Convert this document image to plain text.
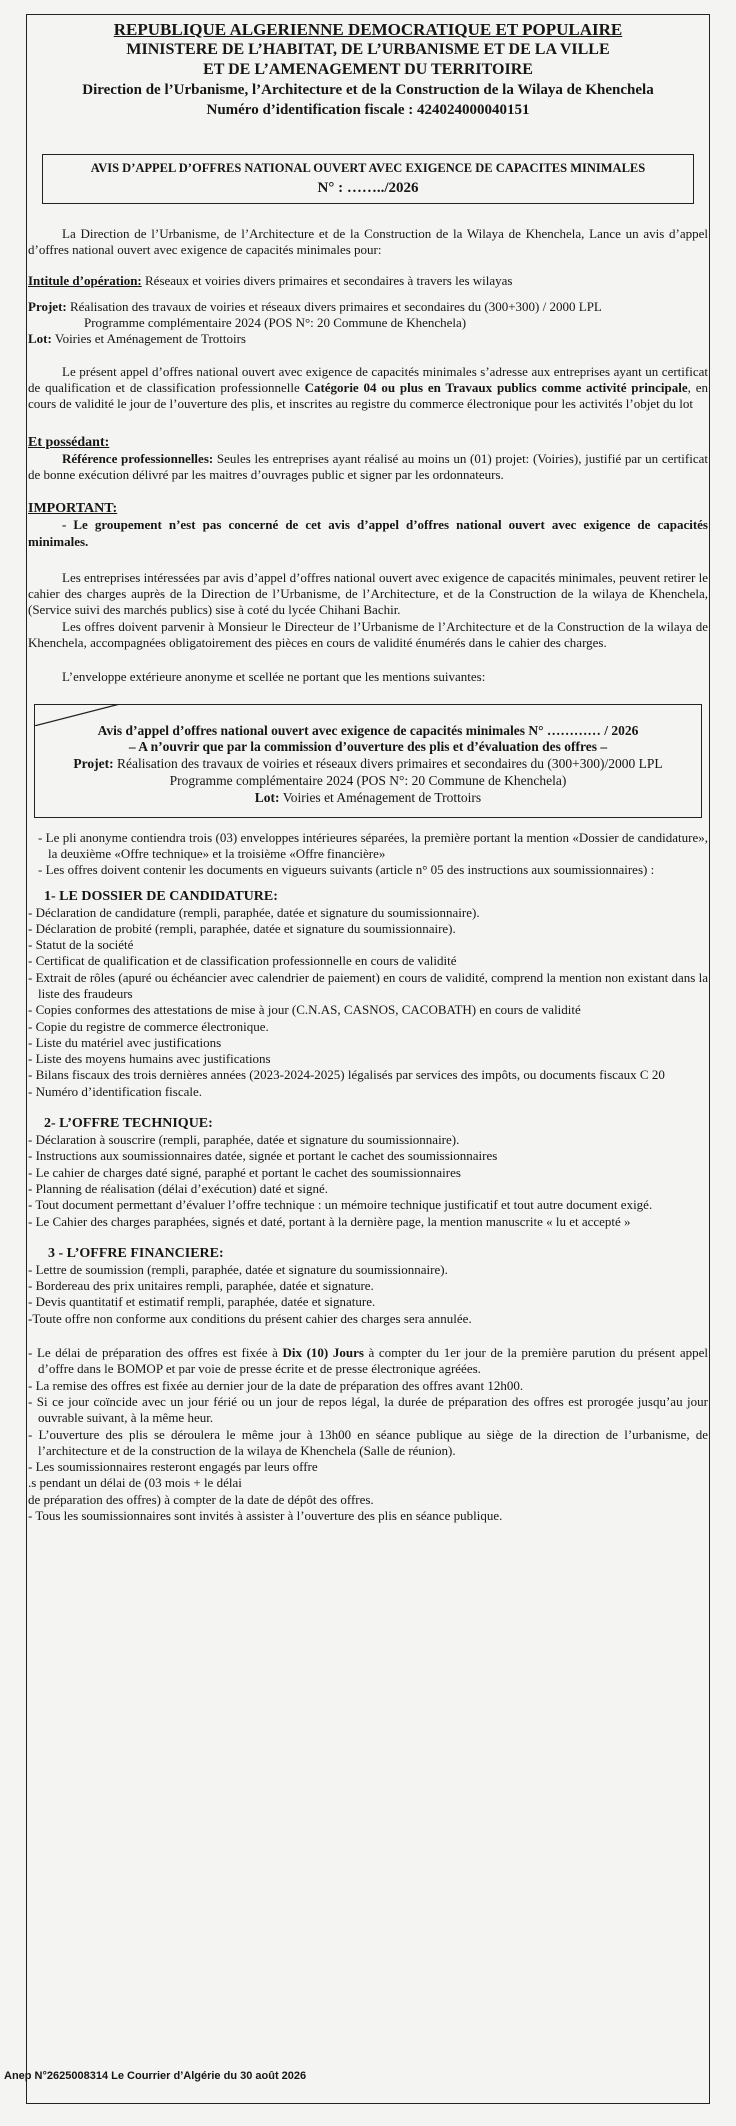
REPUBLIQUE ALGERIENNE DEMOCRATIQUE ET POPULAIRE
MINISTERE DE L’HABITAT, DE L’URBANISME ET DE LA VILLE
ET DE L’AMENAGEMENT DU TERRITOIRE
Direction de l’Urbanisme, l’Architecture et de la Construction de la Wilaya de Khenchela
Numéro d’identification fiscale : 424024000040151
AVIS D’APPEL D’OFFRES NATIONAL OUVERT AVEC EXIGENCE DE CAPACITES MINIMALES
N° : ……../2026
La Direction de l’Urbanisme, de l’Architecture et de la Construction de la Wilaya de Khenchela, Lance un avis d’appel d’offres national ouvert avec exigence de capacités minimales pour:
Intitule d’opération: Réseaux et voiries divers primaires et secondaires à travers les wilayas
Projet: Réalisation des travaux de voiries et réseaux divers primaires et secondaires du (300+300) / 2000 LPL
Programme complémentaire 2024 (POS N°: 20 Commune de Khenchela)
Lot: Voiries et Aménagement de Trottoirs
Le présent appel d’offres national ouvert avec exigence de capacités minimales s’adresse aux entreprises ayant un certificat de qualification et de classification professionnelle Catégorie 04 ou plus en Travaux publics comme activité principale, en cours de validité le jour de l’ouverture des plis, et inscrites au registre du commerce électronique pour les activités l’objet du lot
Et possédant:
Référence professionnelles: Seules les entreprises ayant réalisé au moins un (01) projet: (Voiries), justifié par un certificat de bonne exécution délivré par les maitres d’ouvrages public et signer par les ordonnateurs.
IMPORTANT:
- Le groupement n’est pas concerné de cet avis d’appel d’offres national ouvert avec exigence de capacités minimales.
Les entreprises intéressées par avis d’appel d’offres national ouvert avec exigence de capacités minimales, peuvent retirer le cahier des charges auprès de la Direction de l’Urbanisme, de l’Architecture, et de la Construction de la wilaya de Khenchela, (Service suivi des marchés publics) sise à coté du lycée Chihani Bachir.
Les offres doivent parvenir à Monsieur le Directeur de l’Urbanisme de l’Architecture et de la Construction de la wilaya de Khenchela, accompagnées obligatoirement des pièces en cours de validité énumérés dans le cahier des charges.
L’enveloppe extérieure anonyme et scellée ne portant que les mentions suivantes:
Avis d’appel d’offres national ouvert avec exigence de capacités minimales N° ………… / 2026
– A n’ouvrir que par la commission d’ouverture des plis et d’évaluation des offres –
Projet: Réalisation des travaux de voiries et réseaux divers primaires et secondaires du (300+300)/2000 LPL
Programme complémentaire 2024 (POS N°: 20 Commune de Khenchela)
Lot: Voiries et Aménagement de Trottoirs
- Le pli anonyme contiendra trois (03) enveloppes intérieures séparées, la première portant la mention «Dossier de candidature», la deuxième «Offre technique» et la troisième «Offre financière»
- Les offres doivent contenir les documents en vigueurs suivants (article n° 05 des instructions aux soumissionnaires) :
1- LE DOSSIER DE CANDIDATURE:
- Déclaration de candidature (rempli, paraphée, datée et signature du soumissionnaire).
- Déclaration de probité (rempli, paraphée, datée et signature du soumissionnaire).
- Statut de la société
- Certificat de qualification et de classification professionnelle en cours de validité
- Extrait de rôles (apuré ou échéancier avec calendrier de paiement) en cours de validité, comprend la mention non existant dans la liste des fraudeurs
- Copies conformes des attestations de mise à jour (C.N.AS, CASNOS, CACOBATH) en cours de validité
- Copie du registre de commerce électronique.
- Liste du matériel avec justifications
- Liste des moyens humains avec justifications
- Bilans fiscaux des trois dernières années (2023-2024-2025) légalisés par services des impôts, ou documents fiscaux C 20
- Numéro d’identification fiscale.
2- L’OFFRE TECHNIQUE:
- Déclaration à souscrire (rempli, paraphée, datée et signature du soumissionnaire).
- Instructions aux soumissionnaires datée, signée et portant le cachet des soumissionnaires
- Le cahier de charges daté signé, paraphé et portant le cachet des soumissionnaires
- Planning de réalisation (délai d’exécution) daté et signé.
- Tout document permettant d’évaluer l’offre technique : un mémoire technique justificatif et tout autre document exigé.
- Le Cahier des charges paraphées, signés et daté, portant à la dernière page, la mention manuscrite « lu et accepté »
3 - L’OFFRE FINANCIERE:
- Lettre de soumission (rempli, paraphée, datée et signature du soumissionnaire).
- Bordereau des prix unitaires rempli, paraphée, datée et signature.
- Devis quantitatif et estimatif rempli, paraphée, datée et signature.
-Toute offre non conforme aux conditions du présent cahier des charges sera annulée.
- Le délai de préparation des offres est fixée à Dix (10) Jours à compter du 1er jour de la première parution du présent appel d’offre dans le BOMOP et par voie de presse écrite et de presse électronique agréées.
- La remise des offres est fixée au dernier jour de la date de préparation des offres avant 12h00.
- Si ce jour coïncide avec un jour férié ou un jour de repos légal, la durée de préparation des offres est prorogée jusqu’au jour ouvrable suivant, à la même heur.
- L’ouverture des plis se déroulera le même jour à 13h00 en séance publique au siège de la direction de l’urbanisme, de l’architecture et de la construction de la wilaya de Khenchela (Salle de réunion).
- Les soumissionnaires resteront engagés par leurs offre
.s pendant un délai de (03 mois + le délai
de préparation des offres) à compter de la date de dépôt des offres.
- Tous les soumissionnaires sont invités à assister à l’ouverture des plis en séance publique.
Anep N°2625008314 Le Courrier d’Algérie du 30 août 2026
